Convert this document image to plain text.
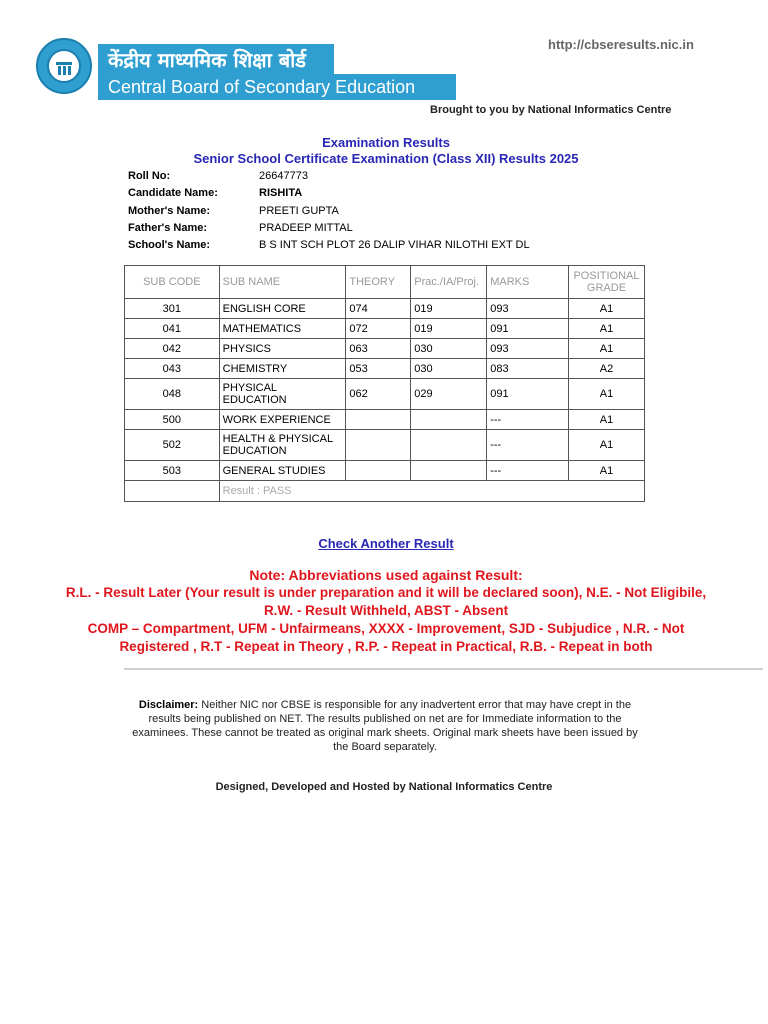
केंद्रीय माध्यमिक शिक्षा बोर्ड
Central Board of Secondary Education
http://cbseresults.nic.in
Brought to you by National Informatics Centre
Examination Results
Senior School Certificate Examination (Class XII) Results 2025
Roll No:	26647773
Candidate Name:	RISHITA
Mother's Name:	PREETI GUPTA
Father's Name:	PRADEEP MITTAL
School's Name:	B S INT SCH PLOT 26 DALIP VIHAR NILOTHI EXT DL
SUB CODE	SUB NAME	THEORY	Prac./IA/Proj.	MARKS	POSITIONAL GRADE
301	ENGLISH CORE	074	019	093	A1
041	MATHEMATICS	072	019	091	A1
042	PHYSICS	063	030	093	A1
043	CHEMISTRY	053	030	083	A2
048	PHYSICAL EDUCATION	062	029	091	A1
500	WORK EXPERIENCE			---	A1
502	HEALTH & PHYSICAL EDUCATION			---	A1
503	GENERAL STUDIES			---	A1
	Result : PASS				
Check Another Result
Note: Abbreviations used against Result:
R.L. - Result Later (Your result is under preparation and it will be declared soon), N.E. - Not Eligibile,
R.W. - Result Withheld, ABST - Absent
COMP – Compartment, UFM - Unfairmeans, XXXX - Improvement, SJD - Subjudice , N.R. - Not
Registered , R.T - Repeat in Theory , R.P. - Repeat in Practical, R.B. - Repeat in both
Disclaimer: Neither NIC nor CBSE is responsible for any inadvertent error that may have crept in the results being published on NET. The results published on net are for Immediate information to the examinees. These cannot be treated as original mark sheets. Original mark sheets have been issued by the Board separately.
Designed, Developed and Hosted by National Informatics Centre
